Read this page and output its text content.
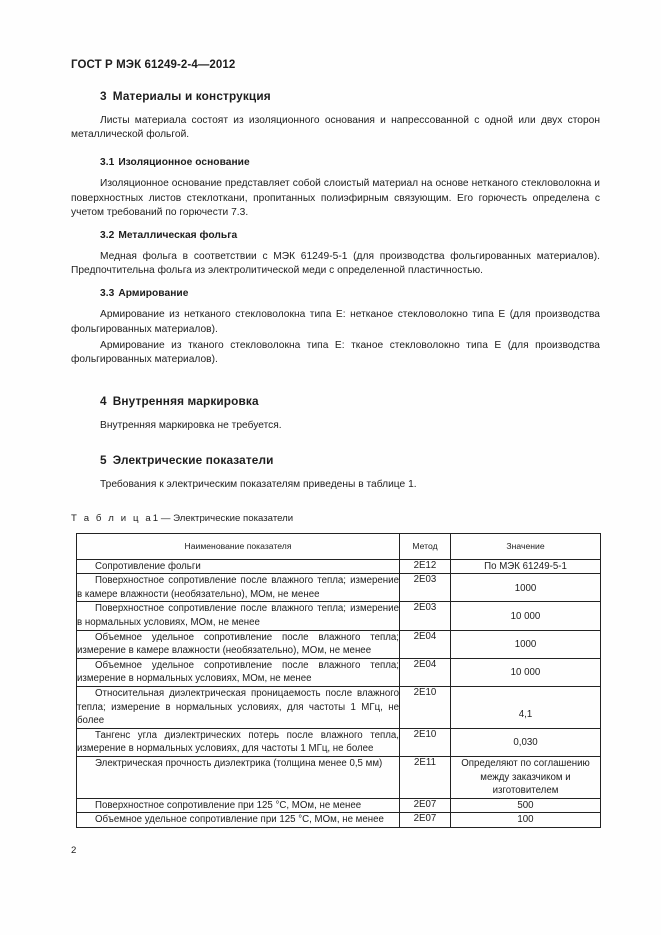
ГОСТ Р МЭК 61249-2-4—2012
3 Материалы и конструкция

Листы материала состоят из изоляционного основания и напрессованной с одной или двух сторон металлической фольгой.

3.1 Изоляционное основание

Изоляционное основание представляет собой слоистый материал на основе нетканого стекловолокна и поверхностных листов стеклоткани, пропитанных полиэфирным связующим. Его горючесть определена с учетом требований по горючести 7.3.

3.2 Металлическая фольга

Медная фольга в соответствии с МЭК 61249-5-1 (для производства фольгированных материалов). Предпочтительна фольга из электролитической меди с определенной пластичностью.

3.3 Армирование

Армирование из нетканого стекловолокна типа Е: нетканое стекловолокно типа Е (для производства фольгированных материалов).

Армирование из тканого стекловолокна типа Е: тканое стекловолокно типа Е (для производства фольгированных материалов).

4 Внутренняя маркировка

Внутренняя маркировка не требуется.

5 Электрические показатели

Требования к электрическим показателям приведены в таблице 1.

Т а б л и ц а1 — Электрические показатели
Наименование показателя	Метод	Значение
Сопротивление фольги	2E12	По МЭК 61249-5-1
Поверхностное сопротивление после влажного тепла; измерение в камере влажности (необязательно), МОм, не менее	2E03	1000
Поверхностное сопротивление после влажного тепла; измерение в нормальных условиях, МОм, не менее	2E03	10 000
Объемное удельное сопротивление после влажного тепла; измерение в камере влажности (необязательно), МОм, не менее	2E04	1000
Объемное удельное сопротивление после влажного тепла; измерение в нормальных условиях, МОм, не менее	2E04	10 000
Относительная диэлектрическая проницаемость после влажного тепла; измерение в нормальных условиях, для частоты 1 МГц, не более	2E10	4,1
Тангенс угла диэлектрических потерь после влажного тепла, измерение в нормальных условиях, для частоты 1 МГц, не более	2E10	0,030
Электрическая прочность диэлектрика (толщина менее 0,5 мм)	2E11	Определяют по соглашению между заказчиком и изготовителем
Поверхностное сопротивление при 125 °С, МОм, не менее	2E07	500
Объемное удельное сопротивление при 125 °С, МОм, не менее	2E07	100
2
